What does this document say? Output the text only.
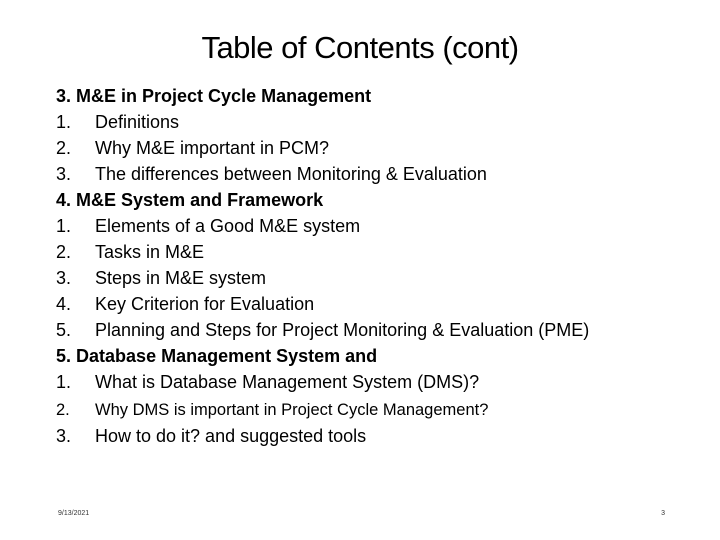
Table of Contents (cont)
3. M&E in Project Cycle Management
1. Definitions
2. Why M&E important in PCM?
3. The differences between Monitoring & Evaluation
4. M&E System and Framework
1. Elements of a Good M&E system
2. Tasks in M&E
3. Steps in M&E system
4. Key Criterion for Evaluation
5. Planning and Steps for Project Monitoring & Evaluation (PME)
5. Database Management System and
1. What is Database Management System (DMS)?
2. Why DMS is important in Project Cycle Management?
3. How to do it? and suggested tools
9/13/2021	3
